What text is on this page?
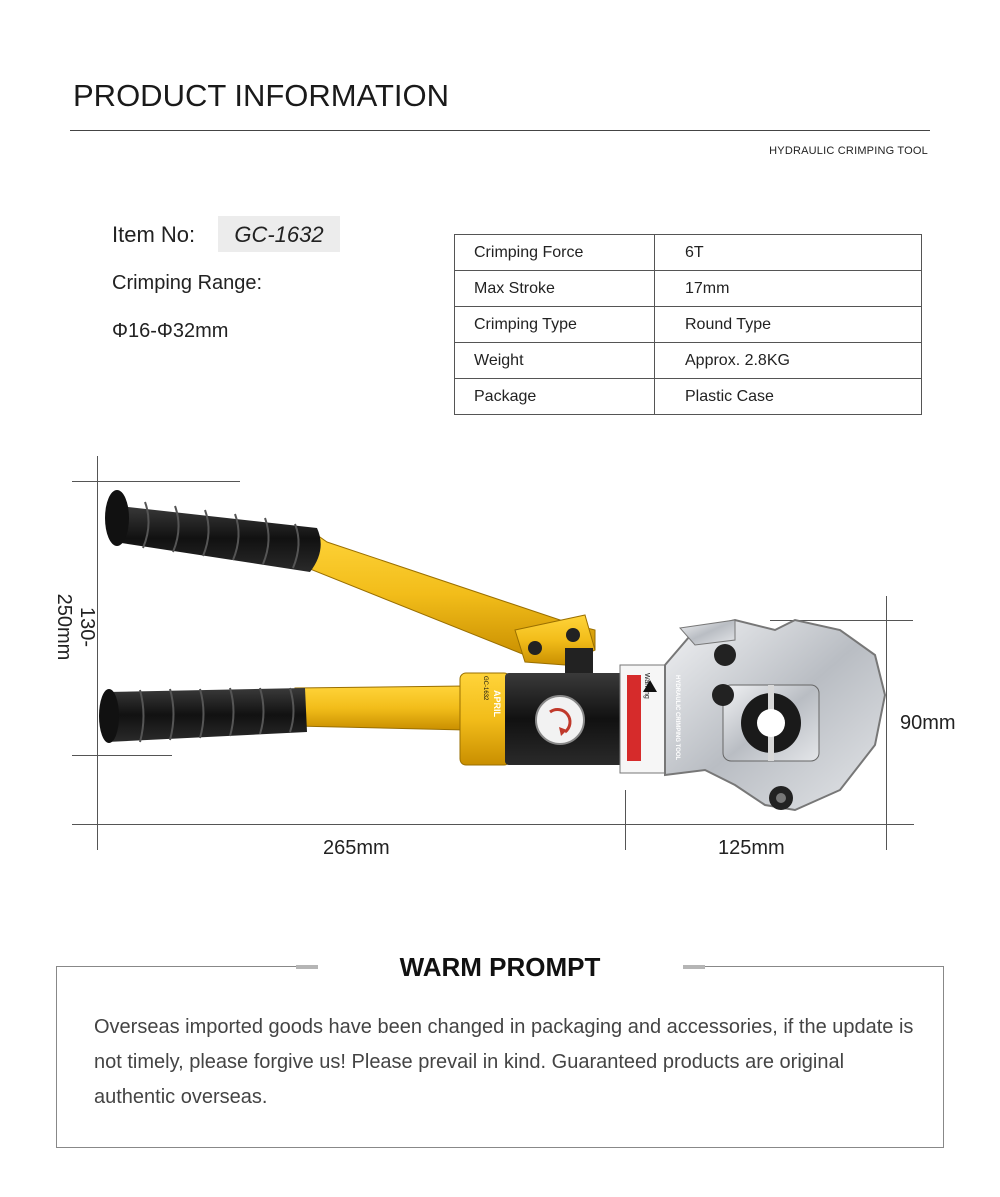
PRODUCT INFORMATION
HYDRAULIC CRIMPING TOOL
Item No:	GC-1632
Crimping Range:
Φ16-Φ32mm
Crimping Force	6T
Max Stroke	17mm
Crimping Type	Round Type
Weight	Approx. 2.8KG
Package	Plastic Case
130-250mm
265mm	125mm
90mm
APRIL
Warning	HYDRAULIC CRIMPING TOOL
GC-1632
WARM PROMPT
Overseas imported goods have been changed in packaging and accessories, if the update is not timely, please forgive us! Please prevail in kind. Guaranteed products are original authentic overseas.
